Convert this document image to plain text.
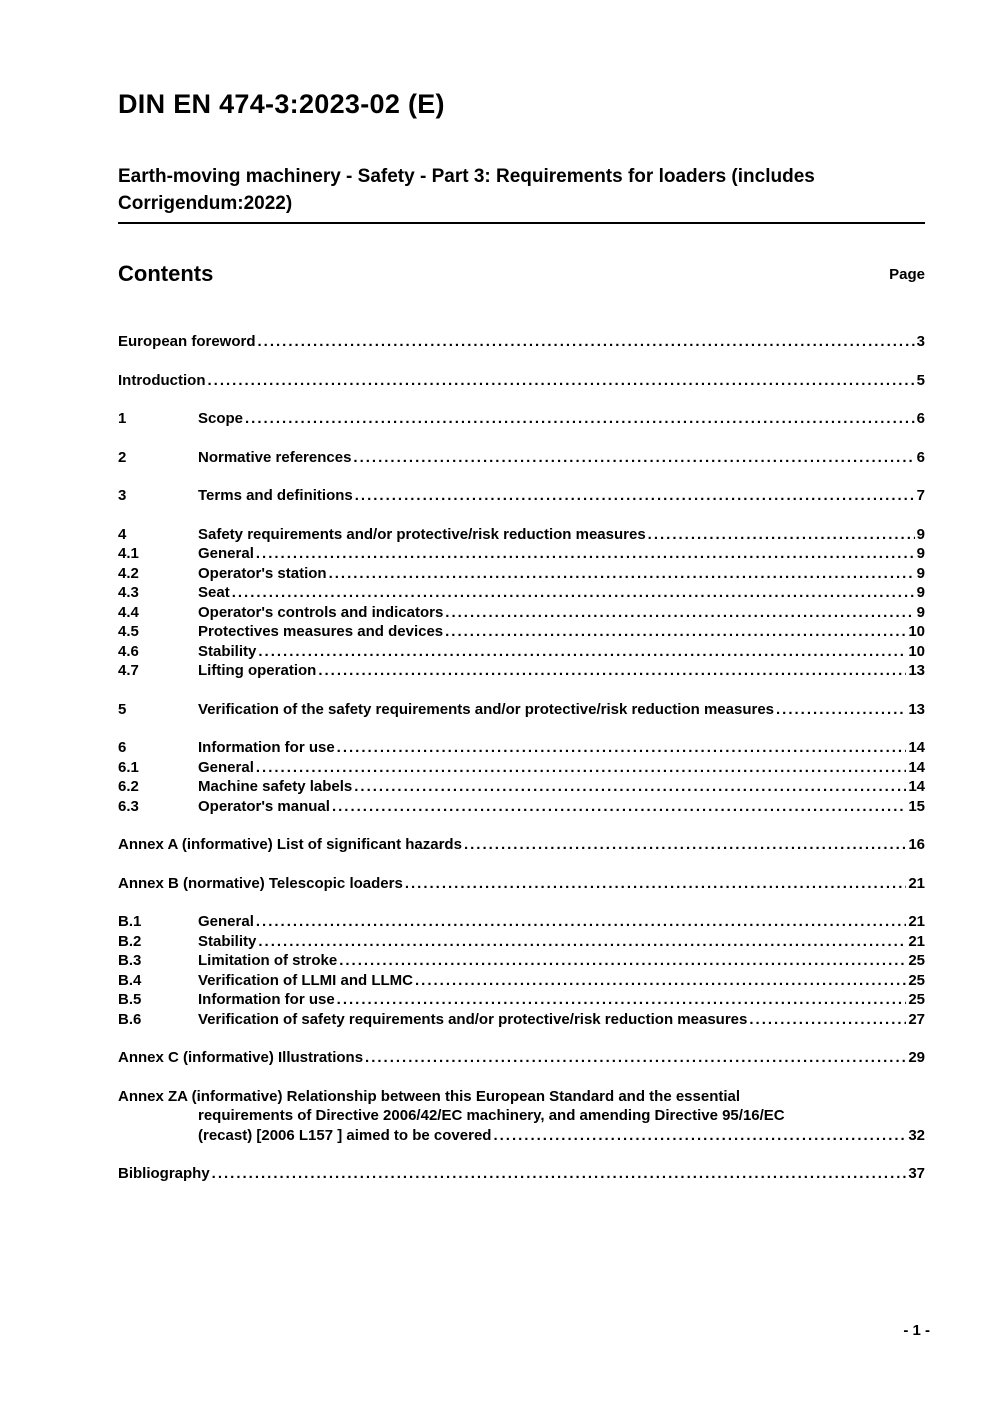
DIN EN 474-3:2023-02 (E)
Earth-moving machinery - Safety - Part 3: Requirements for loaders (includes Corrigendum:2022)
Contents	Page
European foreword .....	3
Introduction .....	5
1	Scope .....	6
2	Normative references .....	6
3	Terms and definitions .....	7
4	Safety requirements and/or protective/risk reduction measures .....	9
4.1	General .....	9
4.2	Operator's station .....	9
4.3	Seat .....	9
4.4	Operator's controls and indicators .....	9
4.5	Protectives measures and devices .....	10
4.6	Stability .....	10
4.7	Lifting operation .....	13
5	Verification of the safety requirements and/or protective/risk reduction measures .....	13
6	Information for use .....	14
6.1	General .....	14
6.2	Machine safety labels .....	14
6.3	Operator's manual .....	15
Annex A (informative) List of significant hazards .....	16
Annex B (normative) Telescopic loaders .....	21
B.1	General .....	21
B.2	Stability .....	21
B.3	Limitation of stroke .....	25
B.4	Verification of LLMI and LLMC .....	25
B.5	Information for use .....	25
B.6	Verification of safety requirements and/or protective/risk reduction measures .....	27
Annex C (informative) Illustrations .....	29
Annex ZA (informative) Relationship between this European Standard and the essential
requirements of Directive 2006/42/EC machinery, and amending Directive 95/16/EC
(recast) [2006 L157 ] aimed to be covered .....	32
Bibliography .....	37
- 1 -
